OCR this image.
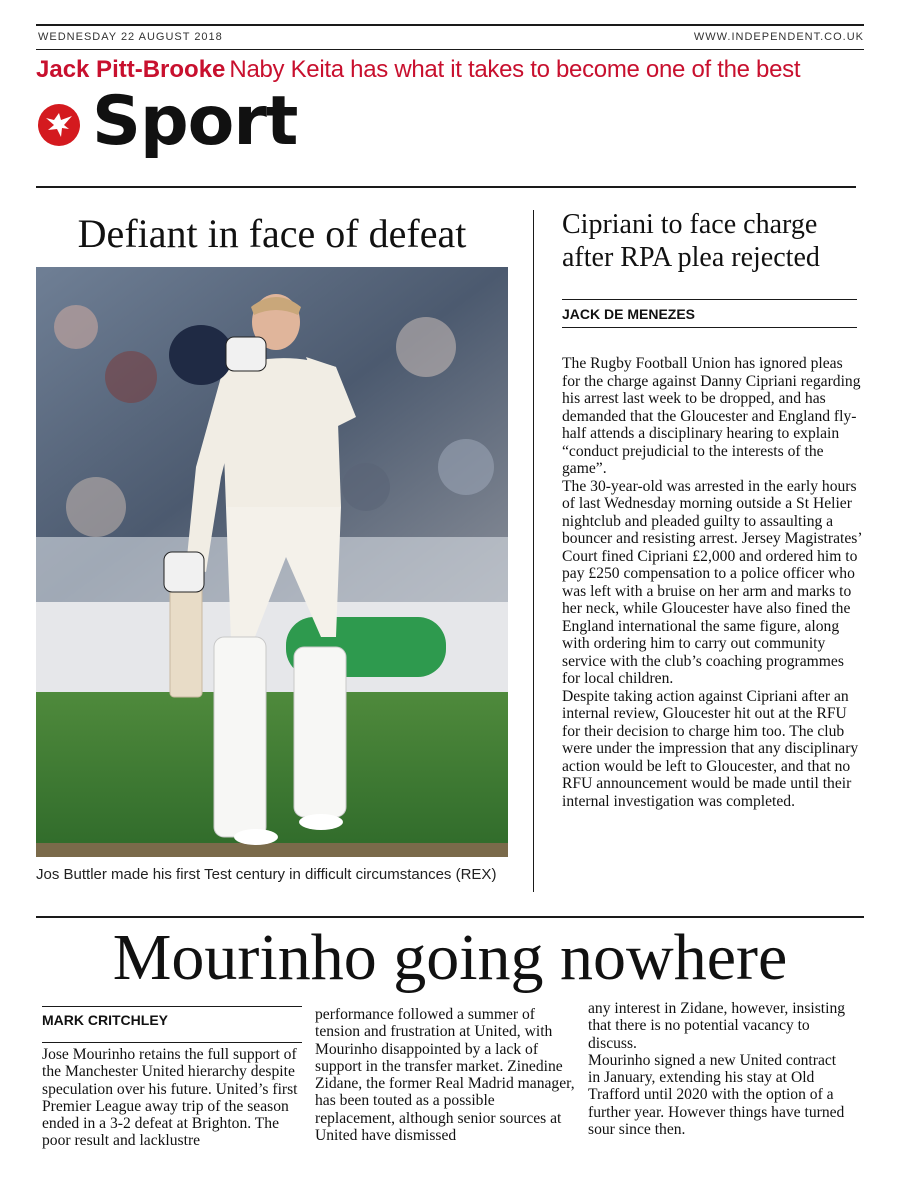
WEDNESDAY 22 AUGUST 2018	WWW.INDEPENDENT.CO.UK
Jack Pitt-Brooke Naby Keita has what it takes to become one of the best
Sport
Defiant in face of defeat
Jos Buttler made his first Test century in difficult circumstances (REX)
Cipriani to face charge after RPA plea rejected
JACK DE MENEZES

The Rugby Football Union has ignored pleas for the charge against Danny Cipriani regarding his arrest last week to be dropped, and has demanded that the Gloucester and England fly-half attends a disciplinary hearing to explain “conduct prejudicial to the interests of the game”.

The 30-year-old was arrested in the early hours of last Wednesday morning outside a St Helier nightclub and pleaded guilty to assaulting a bouncer and resisting arrest. Jersey Magistrates’ Court fined Cipriani £2,000 and ordered him to pay £250 compensation to a police officer who was left with a bruise on her arm and marks to her neck, while Gloucester have also fined the England international the same figure, along with ordering him to carry out community service with the club’s coaching programmes for local children.

Despite taking action against Cipriani after an internal review, Gloucester hit out at the RFU for their decision to charge him too. The club were under the impression that any disciplinary action would be left to Gloucester, and that no RFU announcement would be made until their internal investigation was completed.

Mourinho going nowhere
MARK CRITCHLEY

Jose Mourinho retains the full support of the Manchester United hierarchy despite speculation over his future. United’s first Premier League away trip of the season ended in a 3-2 defeat at Brighton. The poor result and lacklustre

performance followed a summer of tension and frustration at United, with Mourinho disappointed by a lack of support in the transfer market. Zinedine Zidane, the former Real Madrid manager, has been touted as a possible replacement, although senior sources at United have dismissed

any interest in Zidane, however, insisting that there is no potential vacancy to discuss.

Mourinho signed a new United contract in January, extending his stay at Old Trafford until 2020 with the option of a further year. However things have turned sour since then.
